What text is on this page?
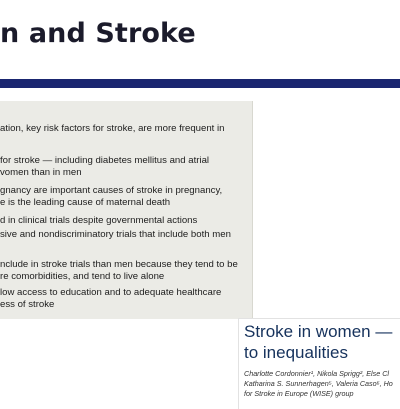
n and Stroke
ation, key risk factors for stroke, are more frequent in
for stroke — including diabetes mellitus and atrial
vomen than in men
gnancy are important causes of stroke in pregnancy,
e is the leading cause of maternal death
d in clinical trials despite governmental actions
sive and nondiscriminatory trials that include both men
nclude in stroke trials than men because they tend to be
re comorbidities, and tend to live alone
low access to education and to adequate healthcare
ess of stroke
Stroke in women —
to inequalities
Charlotte Cordonnier¹, Nikola Sprigg², Else Cl
Katharina S. Sunnerhagen⁵, Valeria Caso⁶, Ho
for Stroke in Europe (WISE) group
